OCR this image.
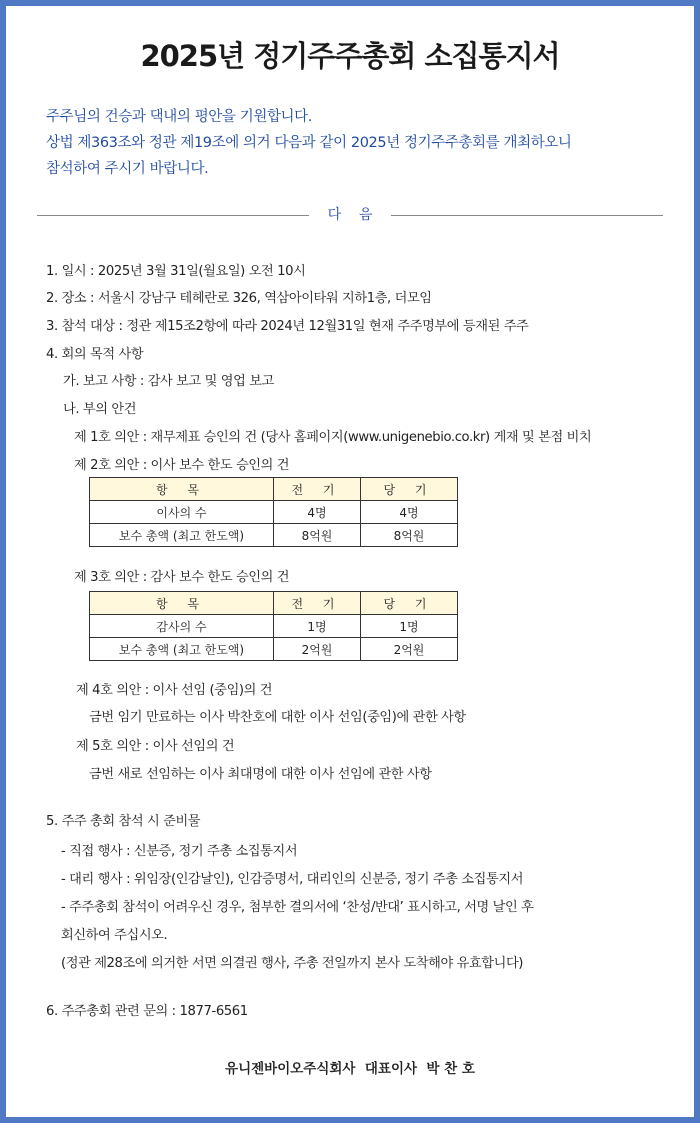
2025년 정기주주총회 소집통지서
주주님의 건승과 댁내의 평안을 기원합니다.
상법 제363조와 정관 제19조에 의거 다음과 같이 2025년 정기주주총회를 개최하오니
참석하여 주시기 바랍니다.
다    음
1. 일시 : 2025년 3월 31일(월요일) 오전 10시
2. 장소 : 서울시 강남구 테헤란로 326, 역삼아이타워 지하1층, 더모임
3. 참석 대상 : 정관 제15조2항에 따라 2024년 12월31일 현재 주주명부에 등재된 주주
4. 회의 목적 사항
가. 보고 사항 : 감사 보고 및 영업 보고
나. 부의 안건
제 1호 의안 : 재무제표 승인의 건 (당사 홈페이지(www.unigenebio.co.kr) 게재 및 본점 비치
제 2호 의안 : 이사 보수 한도 승인의 건
항 목	전 기	당 기
이사의 수	4명	4명
보수 총액 (최고 한도액)	8억원	8억원
제 3호 의안 : 감사 보수 한도 승인의 건
항 목	전 기	당 기
감사의 수	1명	1명
보수 총액 (최고 한도액)	2억원	2억원
제 4호 의안 : 이사 선임 (중임)의 건
금번 임기 만료하는 이사 박찬호에 대한 이사 선임(중임)에 관한 사항
제 5호 의안 : 이사 선임의 건
금번 새로 선임하는 이사 최대명에 대한 이사 선임에 관한 사항
5. 주주 총회 참석 시 준비물
- 직접 행사 : 신분증, 정기 주총 소집통지서
- 대리 행사 : 위임장(인감날인), 인감증명서, 대리인의 신분증, 정기 주총 소집통지서
- 주주총회 참석이 어려우신 경우, 첨부한 결의서에 ‘찬성/반대’ 표시하고, 서명 날인 후
회신하여 주십시오.
(정관 제28조에 의거한 서면 의결권 행사, 주총 전일까지 본사 도착해야 유효합니다)
6. 주주총회 관련 문의 : 1877-6561
유니젠바이오주식회사  대표이사  박 찬 호
